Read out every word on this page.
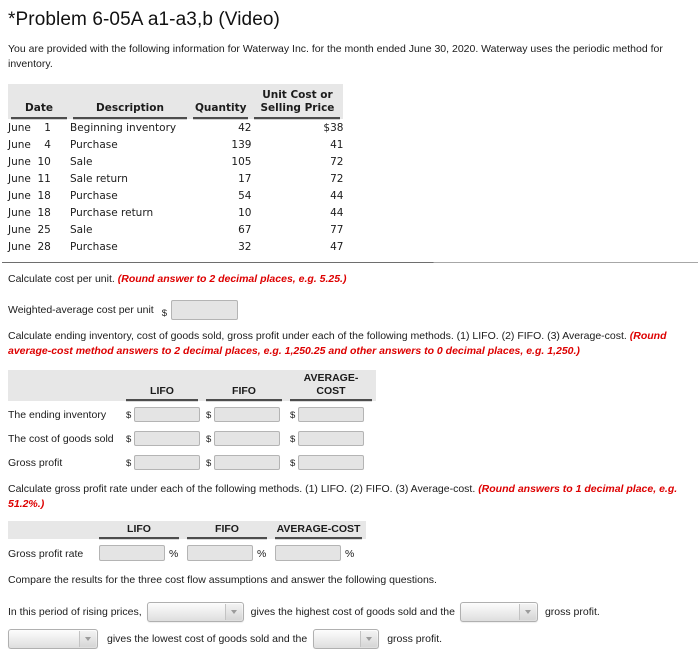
*Problem 6-05A a1-a3,b (Video)

You are provided with the following information for Waterway Inc. for the month ended June 30, 2020. Waterway uses the periodic method for inventory.

Date	Description	Quantity	Unit Cost or
Selling Price

June 1	Beginning inventory	42	$38
June 4	Purchase	139	41
June 10	Sale	105	72
June 11	Sale return	17	72
June 18	Purchase	54	44
June 18	Purchase return	10	44
June 25	Sale	67	77
June 28	Purchase	32	47

Calculate cost per unit. (Round answer to 2 decimal places, e.g. 5.25.)

Weighted-average cost per unit $

Calculate ending inventory, cost of goods sold, gross profit under each of the following methods. (1) LIFO. (2) FIFO. (3) Average-cost. (Round average-cost method answers to 2 decimal places, e.g. 1,250.25 and other answers to 0 decimal places, e.g. 1,250.)

	LIFO	FIFO	AVERAGE-COST

The ending inventory	$	$	$

The cost of goods sold	$	$	$

Gross profit	$	$	$

Calculate gross profit rate under each of the following methods. (1) LIFO. (2) FIFO. (3) Average-cost. (Round answers to 1 decimal place, e.g. 51.2%.)

	LIFO	FIFO	AVERAGE-COST

Gross profit rate	%	%	%

Compare the results for the three cost flow assumptions and answer the following questions.

In this period of rising prices,	gives the highest cost of goods sold and the	gross profit.
gives the lowest cost of goods sold and the	gross profit.
